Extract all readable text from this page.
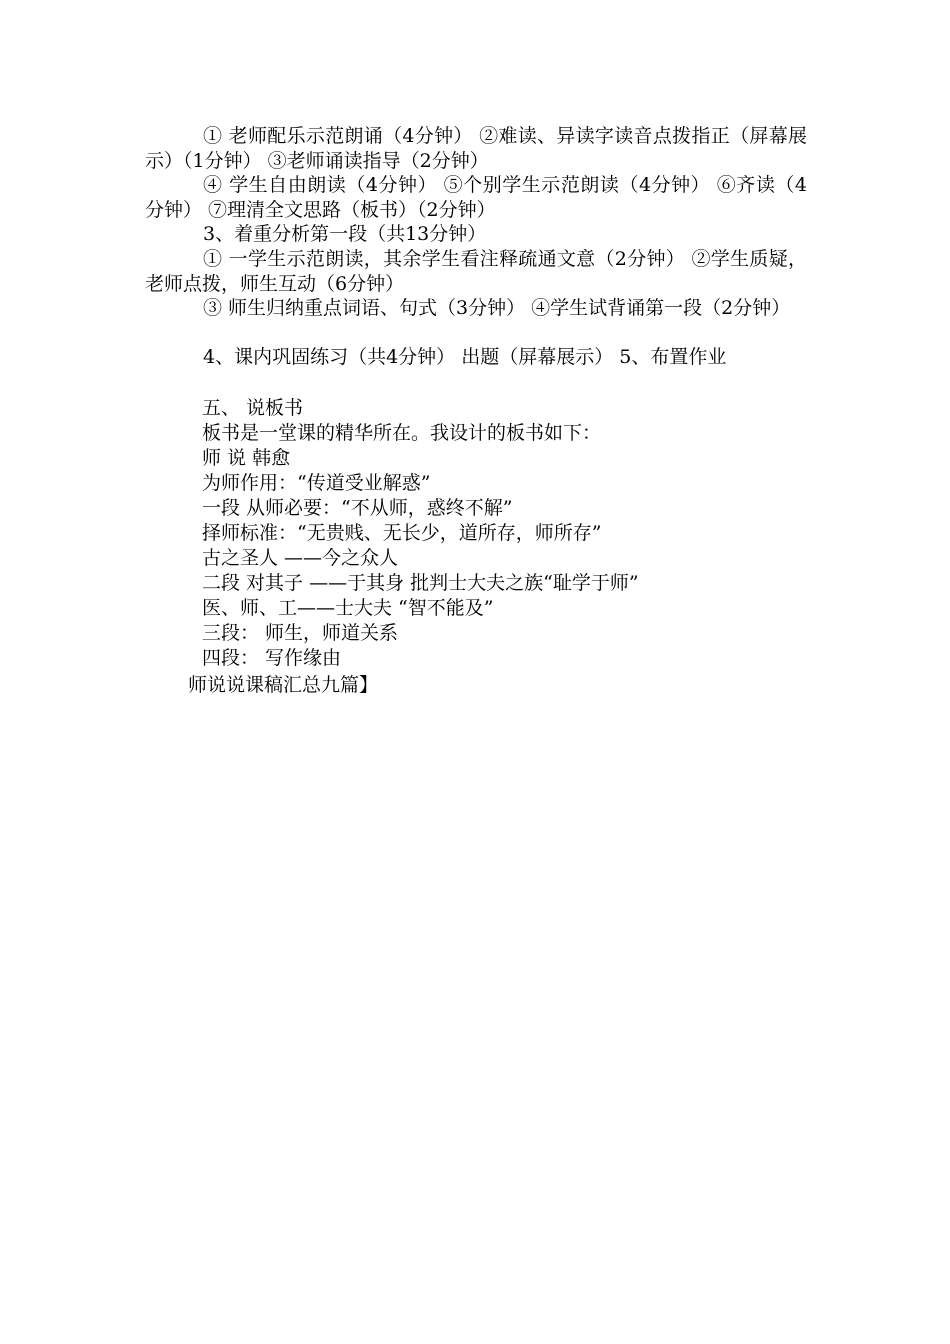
① 老师配乐示范朗诵（4分钟） ②难读、异读字读音点拨指正（屏幕展示）（1分钟） ③老师诵读指导（2分钟）

④ 学生自由朗读（4分钟） ⑤个别学生示范朗读（4分钟） ⑥齐读（4分钟） ⑦理清全文思路（板书）（2分钟）

3、着重分析第一段（共13分钟）

① 一学生示范朗读，其余学生看注释疏通文意（2分钟） ②学生质疑，老师点拨，师生互动（6分钟）

③ 师生归纳重点词语、句式（3分钟） ④学生试背诵第一段（2分钟）

4、课内巩固练习（共4分钟） 出题（屏幕展示） 5、布置作业

五、 说板书

板书是一堂课的精华所在。我设计的板书如下：

师 说 韩愈

为师作用：“传道受业解惑”

一段 从师必要：“不从师，惑终不解”

择师标准：“无贵贱、无长少，道所存，师所存”

古之圣人 ——今之众人

二段 对其子 ——于其身 批判士大夫之族“耻学于师”

医、师、工——士大夫 “智不能及”

三段： 师生，师道关系

四段： 写作缘由

师说说课稿汇总九篇】
